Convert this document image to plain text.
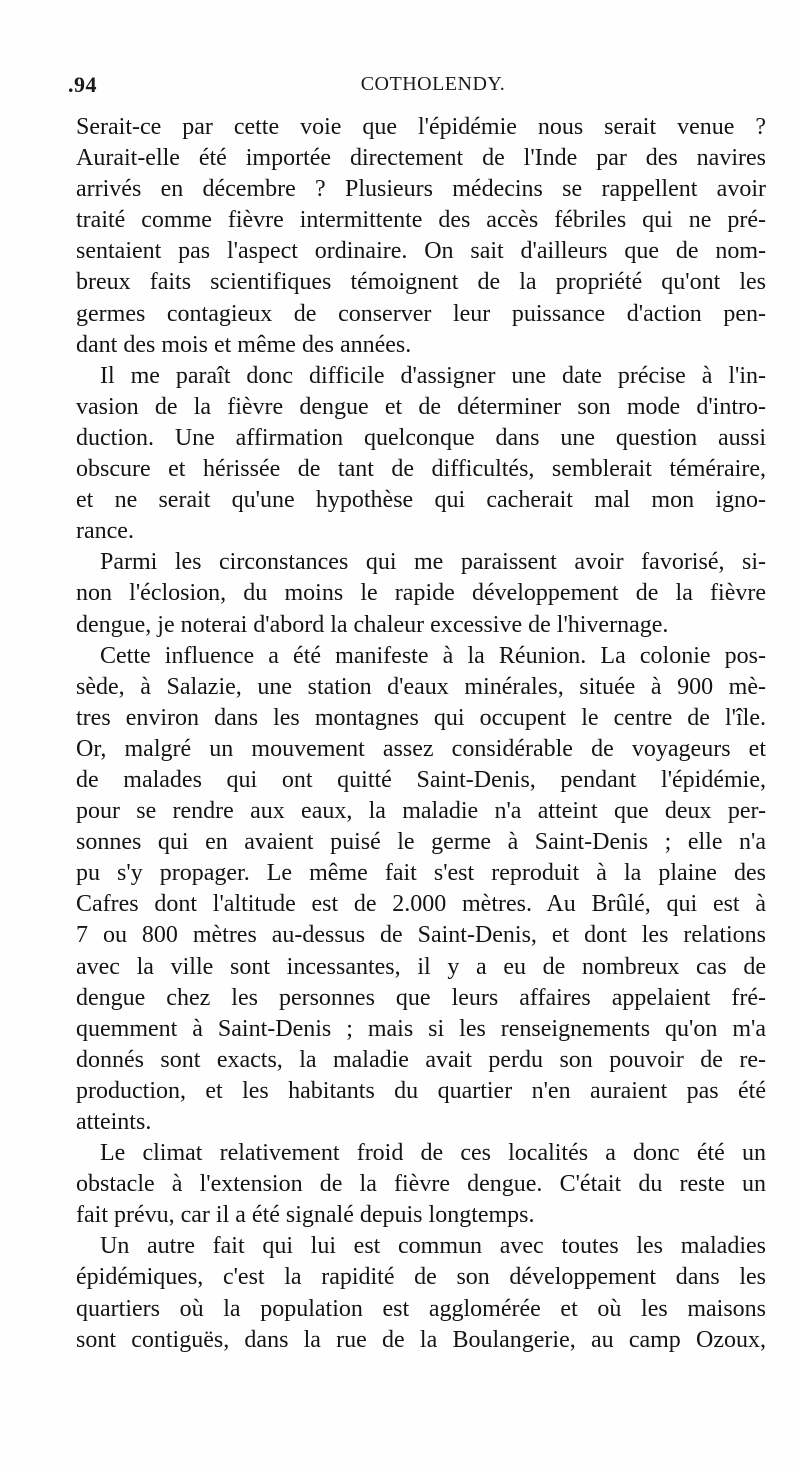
.94	COTHOLENDY.

Serait-ce par cette voie que l'épidémie nous serait venue ?
Aurait-elle été importée directement de l'Inde par des navires
arrivés en décembre ? Plusieurs médecins se rappellent avoir
traité comme fièvre intermittente des accès fébriles qui ne pré-
sentaient pas l'aspect ordinaire. On sait d'ailleurs que de nom-
breux faits scientifiques témoignent de la propriété qu'ont les
germes contagieux de conserver leur puissance d'action pen-
dant des mois et même des années.

Il me paraît donc difficile d'assigner une date précise à l'in-
vasion de la fièvre dengue et de déterminer son mode d'intro-
duction. Une affirmation quelconque dans une question aussi
obscure et hérissée de tant de difficultés, semblerait téméraire,
et ne serait qu'une hypothèse qui cacherait mal mon igno-
rance.

Parmi les circonstances qui me paraissent avoir favorisé, si-
non l'éclosion, du moins le rapide développement de la fièvre
dengue, je noterai d'abord la chaleur excessive de l'hivernage.

Cette influence a été manifeste à la Réunion. La colonie pos-
sède, à Salazie, une station d'eaux minérales, située à 900 mè-
tres environ dans les montagnes qui occupent le centre de l'île.
Or, malgré un mouvement assez considérable de voyageurs et
de malades qui ont quitté Saint-Denis, pendant l'épidémie,
pour se rendre aux eaux, la maladie n'a atteint que deux per-
sonnes qui en avaient puisé le germe à Saint-Denis ; elle n'a
pu s'y propager. Le même fait s'est reproduit à la plaine des
Cafres dont l'altitude est de 2.000 mètres. Au Brûlé, qui est à
7 ou 800 mètres au-dessus de Saint-Denis, et dont les relations
avec la ville sont incessantes, il y a eu de nombreux cas de
dengue chez les personnes que leurs affaires appelaient fré-
quemment à Saint-Denis ; mais si les renseignements qu'on m'a
donnés sont exacts, la maladie avait perdu son pouvoir de re-
production, et les habitants du quartier n'en auraient pas été
atteints.

Le climat relativement froid de ces localités a donc été un
obstacle à l'extension de la fièvre dengue. C'était du reste un
fait prévu, car il a été signalé depuis longtemps.

Un autre fait qui lui est commun avec toutes les maladies
épidémiques, c'est la rapidité de son développement dans les
quartiers où la population est agglomérée et où les maisons
sont contiguës, dans la rue de la Boulangerie, au camp Ozoux,
